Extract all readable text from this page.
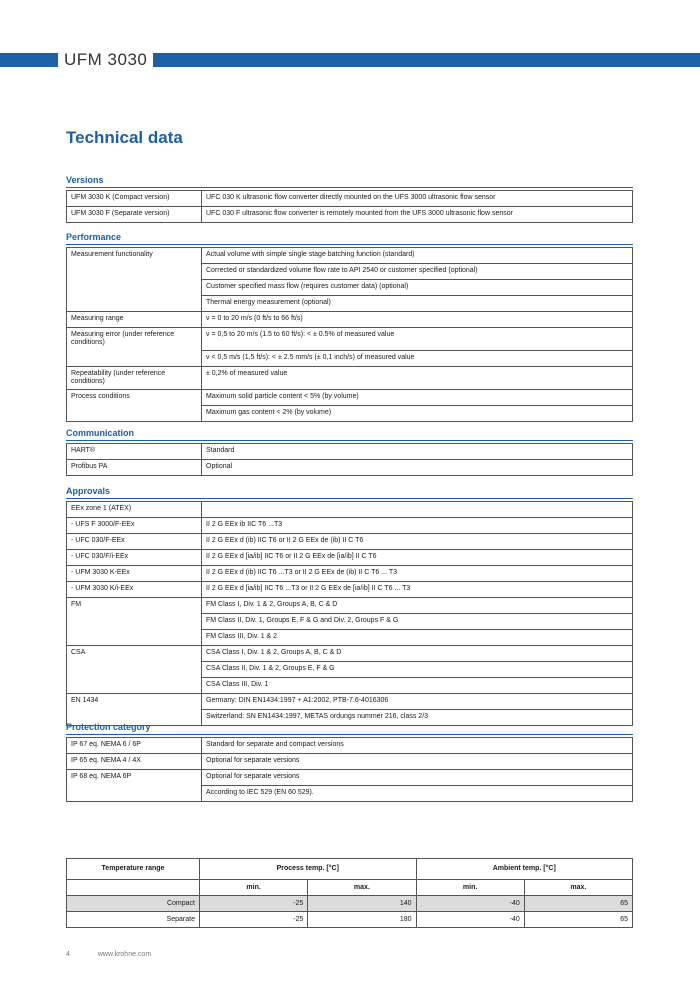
UFM 3030
Technical data
Versions
UFM 3030 K (Compact version)	UFC 030 K ultrasonic flow converter directly mounted on the UFS 3000 ultrasonic flow sensor
UFM 3030 F (Separate version)	UFC 030 F ultrasonic flow converter is remotely mounted from the UFS 3000 ultrasonic flow sensor
Performance
Measurement functionality	Actual volume with simple single stage batching function (standard)
	Corrected or standardized volume flow rate to API 2540 or customer specified (optional)
	Customer specified mass flow (requires customer data) (optional)
	Thermal energy measurement (optional)
Measuring range	v = 0 to 20 m/s (0 ft/s to 66 ft/s)
Measuring error (under reference conditions)	v = 0,5 to 20 m/s (1.5 to 60 ft/s): < ± 0.5% of measured value
	v < 0,5 m/s (1,5 ft/s): < ± 2.5 mm/s (± 0,1 inch/s) of measured value
Repeatability (under reference conditions)	± 0,2% of measured value
Process conditions	Maximum solid particle content < 5% (by volume)
	Maximum gas content < 2% (by volume)
Communication
HART®	Standard
Profibus PA	Optional
Approvals
EEx zone 1 (ATEX)	
- UFS F 3000/F-EEx	II 2 G EEx ib IIC T6 ...T3
- UFC 030/F-EEx	II 2 G EEx d (ib) IIC T6 or II 2 G EEx de (ib) II C T6
- UFC 030/F/i-EEx	II 2 G EEx d [ia/ib] IIC T6 or II 2 G EEx de [ia/ib] II C T6
- UFM 3030 K-EEx	II 2 G EEx d (ib) IIC T6 ...T3 or II 2 G EEx de (ib) II C T6 ... T3
- UFM 3030 K/i-EEx	II 2 G EEx d [ia/ib] IIC T6 ...T3 or II 2 G EEx de [ia/ib] II C T6 ... T3
FM	FM Class I, Div. 1 & 2, Groups A, B, C & D
	FM Class II, Div. 1, Groups E, F & G and Div. 2, Groups F & G
	FM Class III, Div. 1 & 2
CSA	CSA Class I, Div. 1 & 2, Groups A, B, C & D
	CSA Class II, Div. 1 & 2, Groups E, F & G
	CSA Class III, Div. 1
EN 1434	Germany: DIN EN1434:1997 + A1:2002, PTB-7.6-4016306
	Switzerland: SN EN1434:1997, METAS ordungs nummer 216, class 2/3
Protection category
IP 67 eq. NEMA 6 / 6P	Standard for separate and compact versions
IP 65 eq. NEMA 4 / 4X	Optional for separate versions
IP 68 eq. NEMA 6P	Optional for separate versions
	According to IEC 529 (EN 60 529).
Temperature range	Process temp. [°C]		Ambient temp. [°C]	
	min.	max.	min.	max.
Compact	-25	140	-40	65
Separate	-25	180	-40	65
4	www.krohne.com
